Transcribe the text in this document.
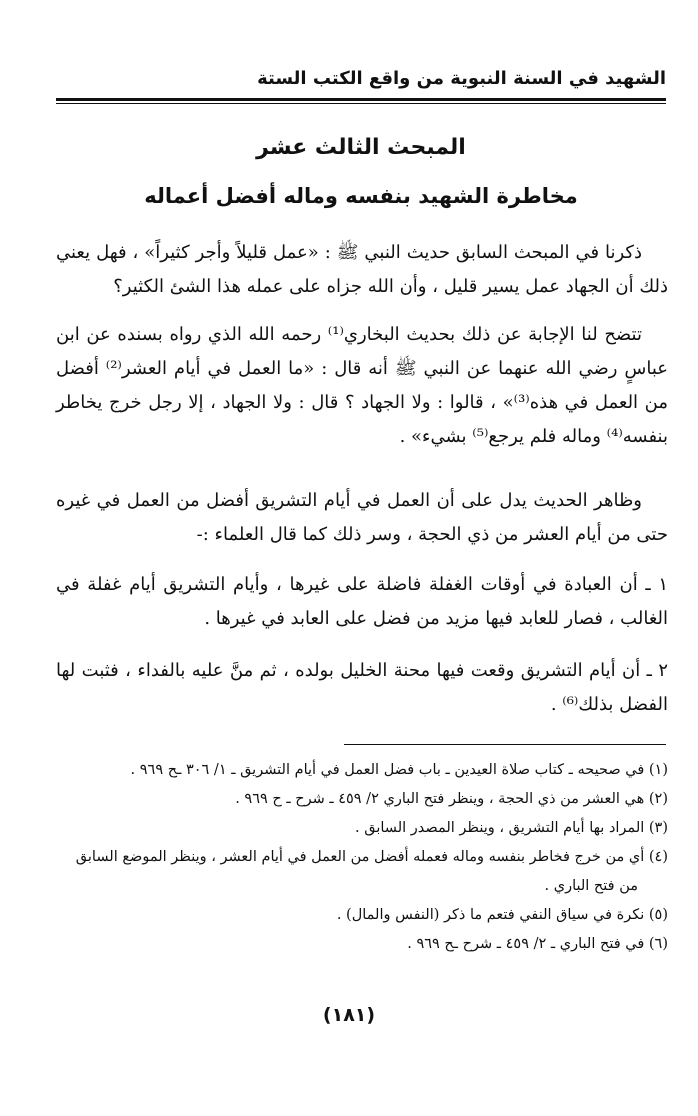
الشهيد في السنة النبوية من واقع الكتب الستة
المبحث الثالث عشر
مخاطرة الشهيد بنفسه وماله أفضل أعماله
ذكرنا في المبحث السابق حديث النبي ﷺ : «عمل قليلاً وأجر كثيراً» ، فهل يعني ذلك أن الجهاد عمل يسير قليل ، وأن الله جزاه على عمله هذا الشئ الكثير؟
تتضح لنا الإجابة عن ذلك بحديث البخاري⁽¹⁾ رحمه الله الذي رواه بسنده عن ابن عباسٍ رضي الله عنهما عن النبي ﷺ أنه قال : «ما العمل في أيام العشر⁽²⁾ أفضل من العمل في هذه⁽³⁾» ، قالوا : ولا الجهاد ؟ قال : ولا الجهاد ، إلا رجل خرج يخاطر بنفسه⁽⁴⁾ وماله فلم يرجع⁽⁵⁾ بشيء» .
وظاهر الحديث يدل على أن العمل في أيام التشريق أفضل من العمل في غيره حتى من أيام العشر من ذي الحجة ، وسر ذلك كما قال العلماء :-
١ ـ أن العبادة في أوقات الغفلة فاضلة على غيرها ، وأيام التشريق أيام غفلة في الغالب ، فصار للعابد فيها مزيد من فضل على العابد في غيرها .
٢ ـ أن أيام التشريق وقعت فيها محنة الخليل بولده ، ثم منَّ عليه بالفداء ، فثبت لها الفضل بذلك⁽⁶⁾ .

(١) في صحيحه ـ كتاب صلاة العيدين ـ باب فضل العمل في أيام التشريق ـ ١/ ٣٠٦ ـح ٩٦٩ .

(٢) هي العشر من ذي الحجة ، وينظر فتح الباري ٢/ ٤٥٩ ـ شرح ـ ح ٩٦٩ .

(٣) المراد بها أيام التشريق ، وينظر المصدر السابق .

(٤) أي من خرج فخاطر بنفسه وماله فعمله أفضل من العمل في أيام العشر ، وينظر الموضع السابق

من فتح الباري .

(٥) نكرة في سياق النفي فتعم ما ذكر (النفس والمال) .

(٦) في فتح الباري ـ ٢/ ٤٥٩ ـ شرح ـح ٩٦٩ .

(١٨١)
